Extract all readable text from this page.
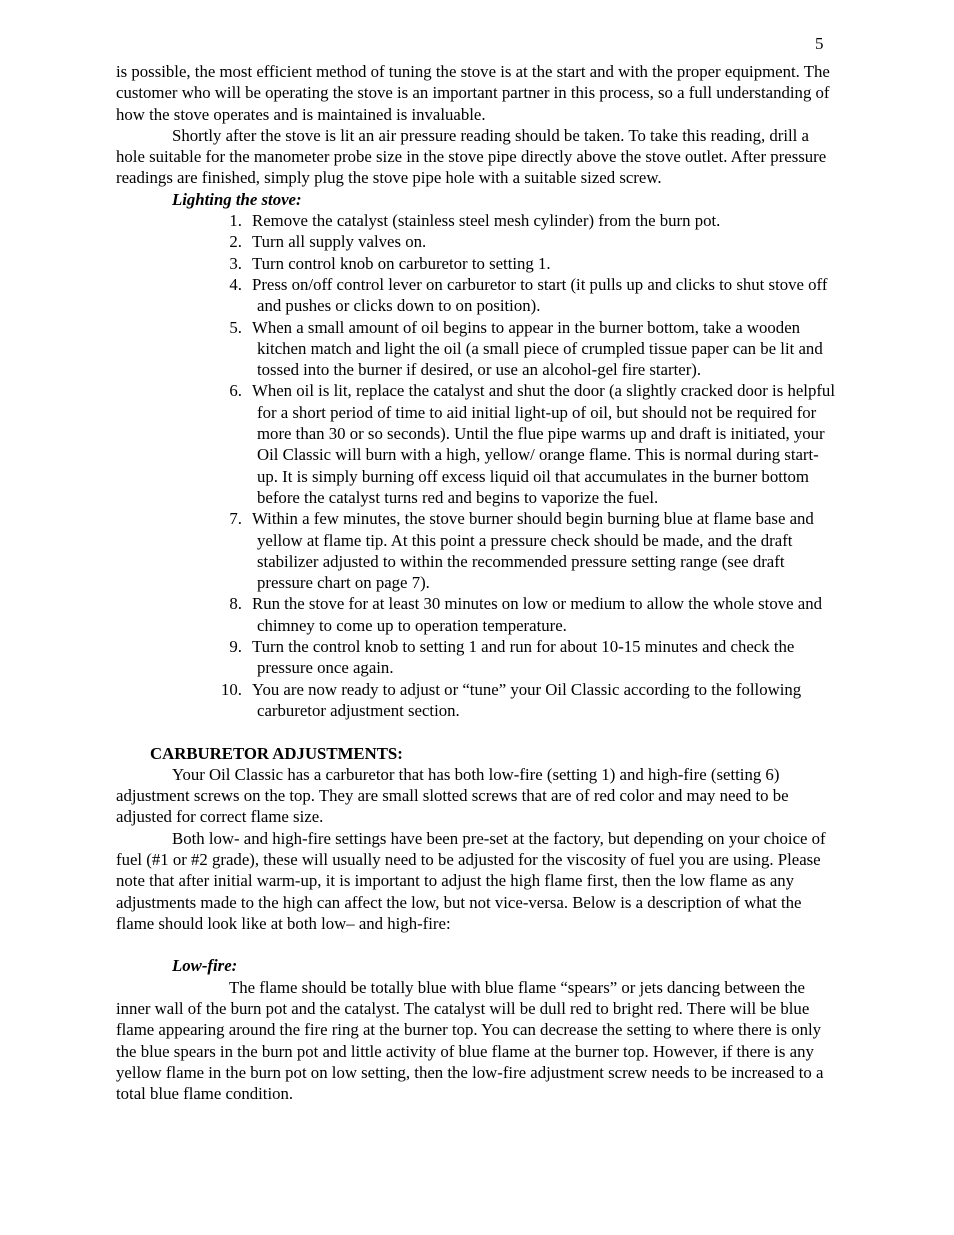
5

is possible, the most efficient method of tuning the stove is at the start and with the proper equipment. The customer who will be operating the stove is an important partner in this process, so a full understanding of how the stove operates and is maintained is invaluable.

Shortly after the stove is lit an air pressure reading should be taken. To take this reading, drill a hole suitable for the manometer probe size in the stove pipe directly above the stove outlet. After pressure readings are finished, simply plug the stove pipe hole with a suitable sized screw.

Lighting the stove:

1. Remove the catalyst (stainless steel mesh cylinder) from the burn pot.
2. Turn all supply valves on.
3. Turn control knob on carburetor to setting 1.
4. Press on/off control lever on carburetor to start (it pulls up and clicks to shut stove off and pushes or clicks down to on position).
5. When a small amount of oil begins to appear in the burner bottom, take a wooden kitchen match and light the oil (a small piece of crumpled tissue paper can be lit and tossed into the burner if desired, or use an alcohol-gel fire starter).
6. When oil is lit, replace the catalyst and shut the door (a slightly cracked door is helpful for a short period of time to aid initial light-up of oil, but should not be required for more than 30 or so seconds). Until the flue pipe warms up and draft is initiated, your Oil Classic will burn with a high, yellow/ orange flame. This is normal during start-up. It is simply burning off excess liquid oil that accumulates in the burner bottom before the catalyst turns red and begins to vaporize the fuel.
7. Within a few minutes, the stove burner should begin burning blue at flame base and yellow at flame tip. At this point a pressure check should be made, and the draft stabilizer adjusted to within the recommended pressure setting range (see draft pressure chart on page 7).
8. Run the stove for at least 30 minutes on low or medium to allow the whole stove and chimney to come up to operation temperature.
9. Turn the control knob to setting 1 and run for about 10-15 minutes and check the pressure once again.
10. You are now ready to adjust or “tune” your Oil Classic according to the following carburetor adjustment section.

CARBURETOR ADJUSTMENTS:

Your Oil Classic has a carburetor that has both low-fire (setting 1) and high-fire (setting 6) adjustment screws on the top. They are small slotted screws that are of red color and may need to be adjusted for correct flame size.

Both low- and high-fire settings have been pre-set at the factory, but depending on your choice of fuel (#1 or #2 grade), these will usually need to be adjusted for the viscosity of fuel you are using. Please note that after initial warm-up, it is important to adjust the high flame first, then the low flame as any adjustments made to the high can affect the low, but not vice-versa. Below is a description of what the flame should look like at both low– and high-fire:

Low-fire:

The flame should be totally blue with blue flame “spears” or jets dancing between the inner wall of the burn pot and the catalyst. The catalyst will be dull red to bright red. There will be blue flame appearing around the fire ring at the burner top. You can decrease the setting to where there is only the blue spears in the burn pot and little activity of blue flame at the burner top. However, if there is any yellow flame in the burn pot on low setting, then the low-fire adjustment screw needs to be increased to a total blue flame condition.
